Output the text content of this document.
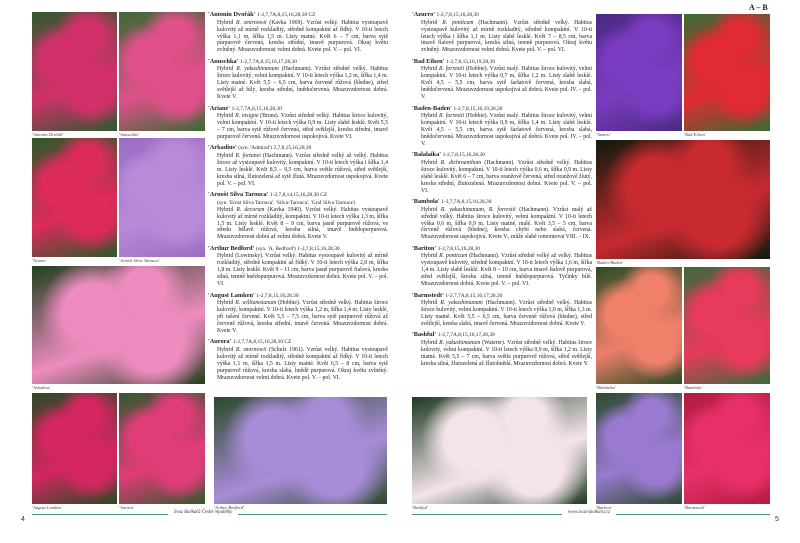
A – B
'Antonín Dvořák' 1-2,7,7A,8,15,16,28,30 CZ
Hybrid R. smirnowii (Kavka 1969). Vzrůst velký. Habitus vystoupavě kulovitý až mírně rozkladitý, středně kompaktní až řídký. V 10-ti letech výška 1,1 m, šířka 1,5 m. Listy matné. Květ 6 – 7 cm, barva sytě purpurově červená, kresba střední, tmavě purpurová. Okraj květu zvlněný. Mrazuvzdornost velmi dobrá. Kvete pol. V. – pol. VI.
'Anuschka' 1-2,7,7A,8,15,16,17,28,30
Hybrid R. yakushimanum (Hachmann). Vzrůst středně velký. Habitus široce kulovitý, velmi kompaktní. V 10-ti letech výška 1,2 m, šířka 1,4 m. Listy matné. Květ 5,5 – 6,5 cm, barva červeně růžová (bledne), střed světlejší až bílý, kresba střední, hnědočervená. Mrazuvzdornost dobrá. Kvete V.
'Ariane' 1-2,7,7A,8,15,16,28,30
Hybrid R. insigne (Bruns). Vzrůst středně velký. Habitus široce kulovitý, velmi kompaktní. V 10-ti letech výška 0,9 m. Listy slabě lesklé. Květ 5,5 – 7 cm, barva sytě růžově červená, střed světlejší, kresba střední, tmavě purpurově červená. Mrazuvzdornost uspokojivá. Kvete VI.
'Arkadius' (syn. 'Admiral') 2,7,8,15,16,28,30
Hybrid R. fortunei (Hachmann). Vzrůst středně velký až velký. Habitus široce až vystoupavě kulovitý, kompaktní. V 10-ti letech výška i šířka 1,4 m. Listy lesklé. Květ 8,5 – 9,5 cm, barva světle růžová, střed světlejší, kresba silná, žlutozelená až sytě žlutá. Mrazuvzdornost uspokojivá. Kvete pol. V. – pol. VI.
'Arnošt Silva Tarouca' 1-2,7,8,14,15,16,28,30 CZ
(syn. 'Ernst Silva Tarouca', 'Silva-Tarouca', 'Graf Silva Tarouca')
Hybrid R. decorum (Kavka 1940). Vzrůst velký. Habitus vystoupavě kulovitý až mírně rozkladitý, kompaktní. V 10-ti letech výška 1,3 m, šířka 1,5 m. Listy lesklé. Květ 8 – 9 cm, barva jasně purpurově růžová, ve středu bělavě růžová, kresba silná, tmavě hnědopurpurová. Mrazuvzdornost dobrá až velmi dobrá. Kvete V.
'Arthur Bedford' (syn. 'A. Bedford') 1-2,7,8,15,16,28,30
Hybrid (Lowinsky). Vzrůst velký. Habitus vystoupavě kulovitý až mírně rozkladitý, středně kompaktní až řídký. V 10-ti letech výška 2,0 m, šířka 1,8 m. Listy lesklé. Květ 9 – 11 cm, barva jasně purpurově fialová, kresba silná, temně hnědopurpurová. Mrazuvzdornost dobrá. Kvete pol. V. – pol. VI.
'August Lamken' 1-2,7,8,15,16,28,30
Hybrid R. williamsianum (Hobbie). Vzrůst středně velký. Habitus široce kulovitý, kompaktní. V 10-ti letech výška 1,2 m, šířka 1,4 m. Listy lesklé, při rašení červené. Květ 5,5 – 7,5 cm, barva sytě purpurově růžová až červeně růžová, kresba střední, tmavě červená. Mrazuvzdornost dobrá. Kvete V.
'Aurora' 1-2,7,7A,8,15,16,28,30 CZ
Hybrid R. smirnowii (Schulz 1961). Vzrůst velký. Habitus vystoupavě kulovitý až mírně rozkladitý, středně kompaktní až řídký. V 10-ti letech výška 1,1 m, šířka 1,5 m. Listy matné. Květ 6,5 – 8 cm, barva sytě purpurově růžová, kresba slabá, hnědě purpurová. Okraj květu zvlněný. Mrazuvzdornost velmi dobrá. Kvete pol. V. – pol. VI.
'Azurro' 1-2,7,8,15,16,28,30
Hybrid R. ponticum (Hachmann). Vzrůst středně velký. Habitus vystoupavě kulovitý až mírně rozkladitý, středně kompaktní. V 10-ti letech výška i šířka 1,1 m. Listy slabě lesklé. Květ 7 – 8,5 cm, barva tmavě fialově purpurová, kresba silná, temně purpurová. Okraj květu zvlněný. Mrazuvzdornost velmi dobrá. Kvete pol. V. – pol. VI.
'Bad Eilsen' 1-2,7,8,15,16,19,28,30
Hybrid R. forrestii (Hobbie). Vzrůst malý. Habitus široce kulovitý, velmi kompaktní. V 10-ti letech výška 0,7 m, šířka 1,2 m. Listy slabě lesklé. Květ 4,5 – 5,5 cm, barva sytě šarlatově červená, kresba slabá, hnědočervená. Mrazuvzdornost uspokojivá až dobrá. Kvete pol. IV. – pol. V.
'Baden-Baden' 1-2,7,8,15,16,19,28,30
Hybrid R. forrestii (Hobbie). Vzrůst malý. Habitus široce kulovitý, velmi kompaktní. V 10-ti letech výška 0,9 m, šířka 1,4 m. Listy slabě lesklé. Květ 4,5 – 5,5 cm, barva sytě šarlatově červená, kresba slabá, hnědočervená. Mrazuvzdornost uspokojivá až dobrá. Kvete pol. IV. – pol. V.
'Balalaika' 1-2,7,8,15,16,28,30
Hybrid R. dichroanthum (Hachmann). Vzrůst středně velký. Habitus široce kulovitý, kompaktní. V 10-ti letech výška 0,6 m, šířka 0,9 m. Listy slabě lesklé. Květ 6 – 7 cm, barva oranžově červená, střed oranžově žlutý, kresba střední, žlutozelená. Mrazuvzdornost dobrá. Kvete pol. V. – pol. VI.
'Bambola' 1-2,7,7A,8,15,16,28,30
Hybrid R. yakushimanum, R. forrestii (Hachmann). Vzrůst malý až středně velký. Habitus široce kulovitý, velmi kompaktní. V 10-ti letech výška 0,6 m, šířka 0,9 m. Listy matné, malé. Květ 3,5 – 5 cm, barva červeně růžová (bledne), kresba chybí nebo slabá, červená. Mrazuvzdornost uspokojivá. Kvete V., může slabě remontovat VIII. – IX.
'Bariton' 1-2,7,8,15,16,28,30
Hybrid R. ponticum (Hachmann). Vzrůst středně velký až velký. Habitus vystoupavě kulovitý, středně kompaktní. V 10-ti letech výška 1,6 m, šířka 1,4 m. Listy slabě lesklé. Květ 8 – 10 cm, barva tmavě fialově purpurová, střed světlejší, kresba silná, temně hnědopurpurová. Tyčinky bílé. Mrazuvzdornost dobrá. Kvete pol. V. – pol. VI.
'Barmstedt' 1-2,7,7A,8,15,16,17,28,30
Hybrid R. yakushimanum (Hachmann). Vzrůst středně velký. Habitus široce kulovitý, velmi kompaktní. V 10-ti letech výška 1,0 m, šířka 1,3 m. Listy matné. Květ 5,5 – 6,5 cm, barva červeně růžová (bledne), střed světlejší, kresba slabá, tmavě červená. Mrazuvzdornost dobrá. Kvete V.
'Bashful' 1-2,7,7A,8,15,16,17,28,30
Hybrid R. yakushimanum (Waterer). Vzrůst středně velký. Habitus široce kulovitý, velmi kompaktní. V 10-ti letech výška 0,9 m, šířka 1,2 m. Listy matné. Květ 5,5 – 7 cm, barva světle purpurově růžová, střed světlejší, kresba silná, žlutozelená až žlutohnědá. Mrazuvzdornost dobrá. Kvete V.
'Antonín Dvořák'	'Anuschka'
'Ariane'	'Arnošt Silva Tarouca'
'Arkadius'
'August Lamken'	'Aurora'	'Arthur Bedford'
'Azurro'	'Bad Eilsen'
'Baden-Baden'
'Balalaika'	'Bambola'
'Bashful'	'Bariton'	'Barmstedt'
Svaz školkařů České republiky
4
www.svaz-skolkaru.cz
5
